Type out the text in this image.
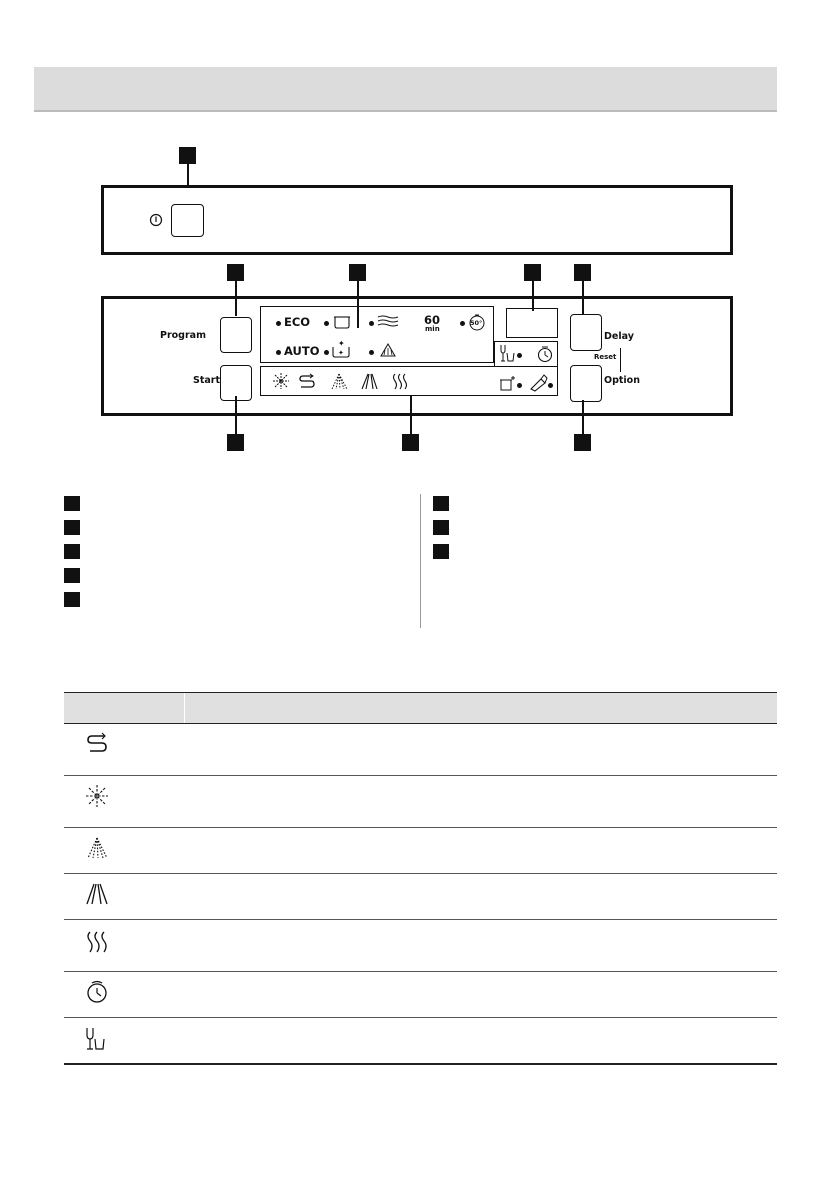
Program
Start
ECO	60
min
50°
AUTO
✦
✦
Delay
Reset
Option
